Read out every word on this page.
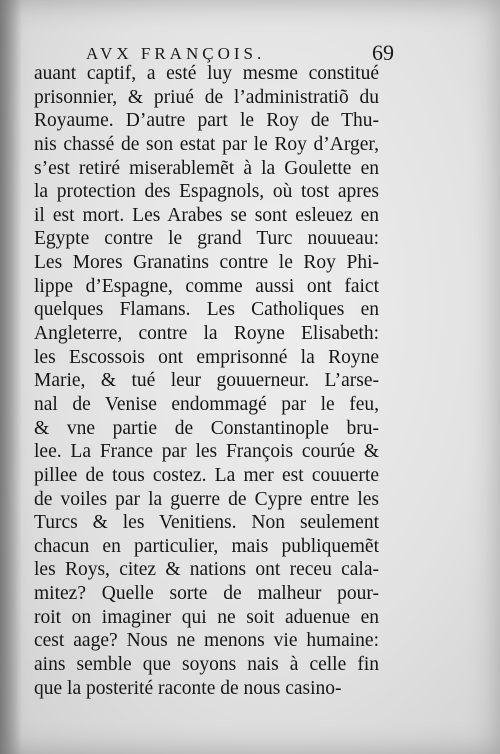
AVX FRANÇOIS.	69
auant captif, a esté luy mesme constitué
prisonnier, & priué de l’administratiõ du
Royaume. D’autre part le Roy de Thu-
nis chassé de son estat par le Roy d’Arger,
s’est retiré miserablemẽt à la Goulette en
la protection des Espagnols, où tost apres
il est mort. Les Arabes se sont esleuez en
Egypte contre le grand Turc nouueau:
Les Mores Granatins contre le Roy Phi-
lippe d’Espagne, comme aussi ont faict
quelques Flamans. Les Catholiques en
Angleterre, contre la Royne Elisabeth:
les Escossois ont emprisonné la Royne
Marie, & tué leur gouuerneur. L’arse-
nal de Venise endommagé par le feu,
& vne partie de Constantinople bru-
lee. La France par les François courúe &
pillee de tous costez. La mer est couuerte
de voiles par la guerre de Cypre entre les
Turcs & les Venitiens. Non seulement
chacun en particulier, mais publiquemẽt
les Roys, citez & nations ont receu cala-
mitez? Quelle sorte de malheur pour-
roit on imaginer qui ne soit aduenue en
cest aage? Nous ne menons vie humaine:
ains semble que soyons nais à celle fin
que la posterité raconte de nous casino-
